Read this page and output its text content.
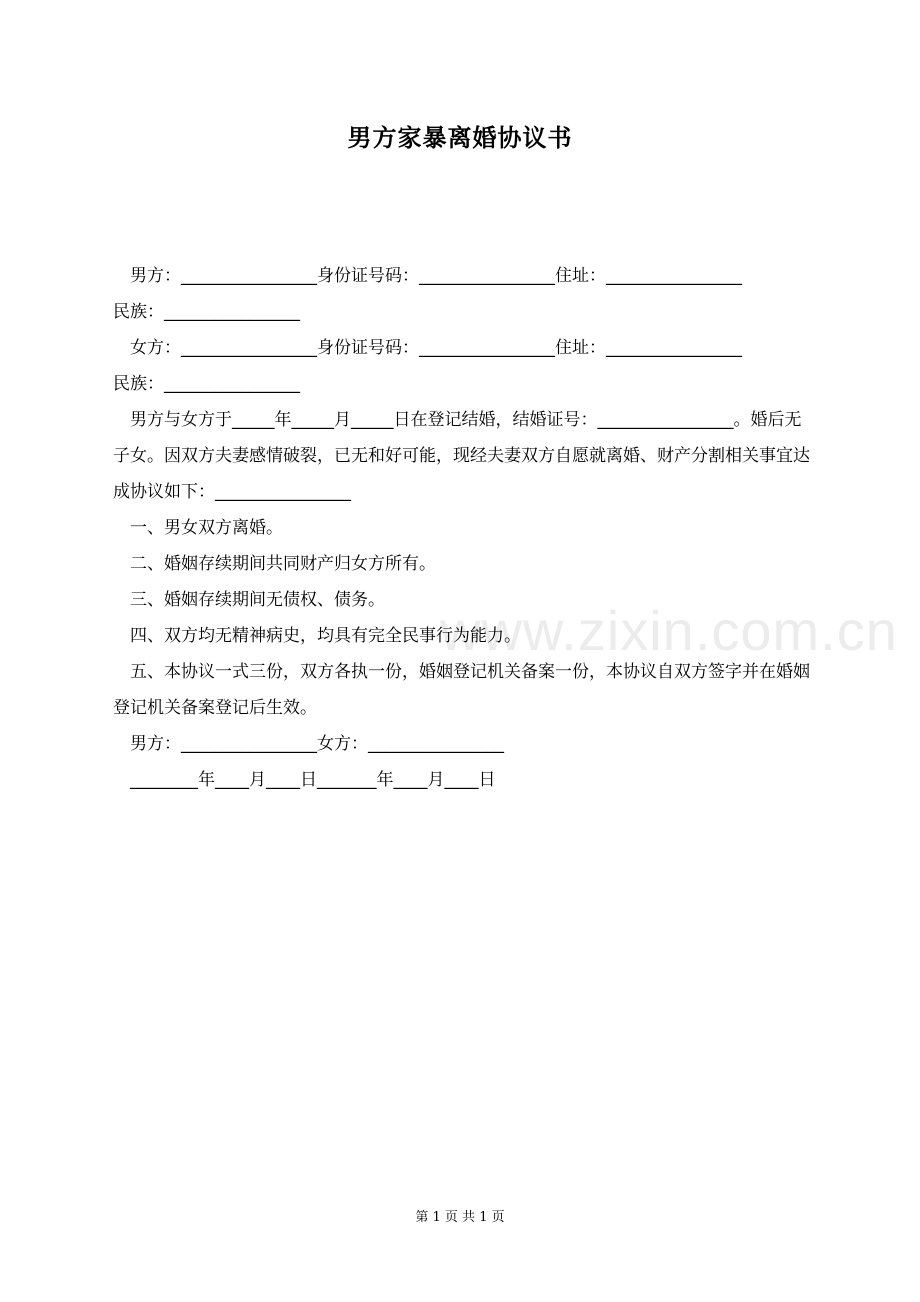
www.zixin.com.cn
男方家暴离婚协议书

男方：________________身份证号码：________________住址：________________

民族：________________

女方：________________身份证号码：________________住址：________________

民族：________________

男方与女方于_____年_____月_____日在登记结婚，结婚证号：________________。婚后无子女。因双方夫妻感情破裂，已无和好可能，现经夫妻双方自愿就离婚、财产分割相关事宜达成协议如下：________________

一、男女双方离婚。

二、婚姻存续期间共同财产归女方所有。

三、婚姻存续期间无债权、债务。

四、双方均无精神病史，均具有完全民事行为能力。

五、本协议一式三份，双方各执一份，婚姻登记机关备案一份，本协议自双方签字并在婚姻登记机关备案登记后生效。

男方：________________女方：________________

________年____月____日_______年____月____日

第 1 页 共 1 页
